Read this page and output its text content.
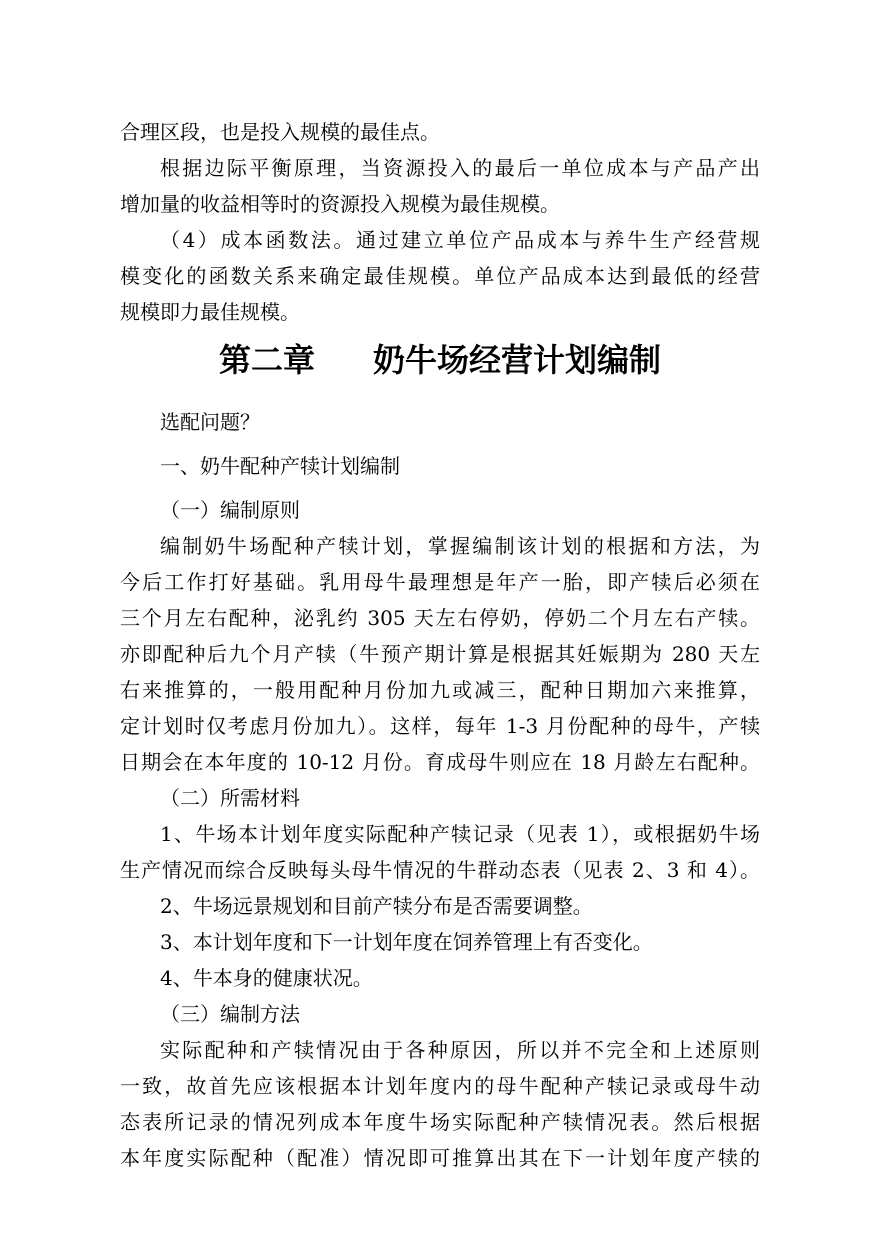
合理区段，也是投入规模的最佳点。
根据边际平衡原理，当资源投入的最后一单位成本与产品产出
增加量的收益相等时的资源投入规模为最佳规模。
（4）成本函数法。通过建立单位产品成本与养牛生产经营规
模变化的函数关系来确定最佳规模。单位产品成本达到最低的经营
规模即力最佳规模。
第二章 奶牛场经营计划编制
选配问题？
一、奶牛配种产犊计划编制
（一）编制原则
编制奶牛场配种产犊计划，掌握编制该计划的根据和方法，为
今后工作打好基础。乳用母牛最理想是年产一胎，即产犊后必须在
三个月左右配种，泌乳约 305 天左右停奶，停奶二个月左右产犊。
亦即配种后九个月产犊（牛预产期计算是根据其妊娠期为 280 天左
右来推算的，一般用配种月份加九或减三，配种日期加六来推算，
定计划时仅考虑月份加九）。这样，每年 1-3 月份配种的母牛，产犊
日期会在本年度的 10-12 月份。育成母牛则应在 18 月龄左右配种。
（二）所需材料
1、牛场本计划年度实际配种产犊记录（见表 1），或根据奶牛场
生产情况而综合反映每头母牛情况的牛群动态表（见表 2、3 和 4）。
2、牛场远景规划和目前产犊分布是否需要调整。
3、本计划年度和下一计划年度在饲养管理上有否变化。
4、牛本身的健康状况。
（三）编制方法
实际配种和产犊情况由于各种原因，所以并不完全和上述原则
一致，故首先应该根据本计划年度内的母牛配种产犊记录或母牛动
态表所记录的情况列成本年度牛场实际配种产犊情况表。然后根据
本年度实际配种（配准）情况即可推算出其在下一计划年度产犊的
